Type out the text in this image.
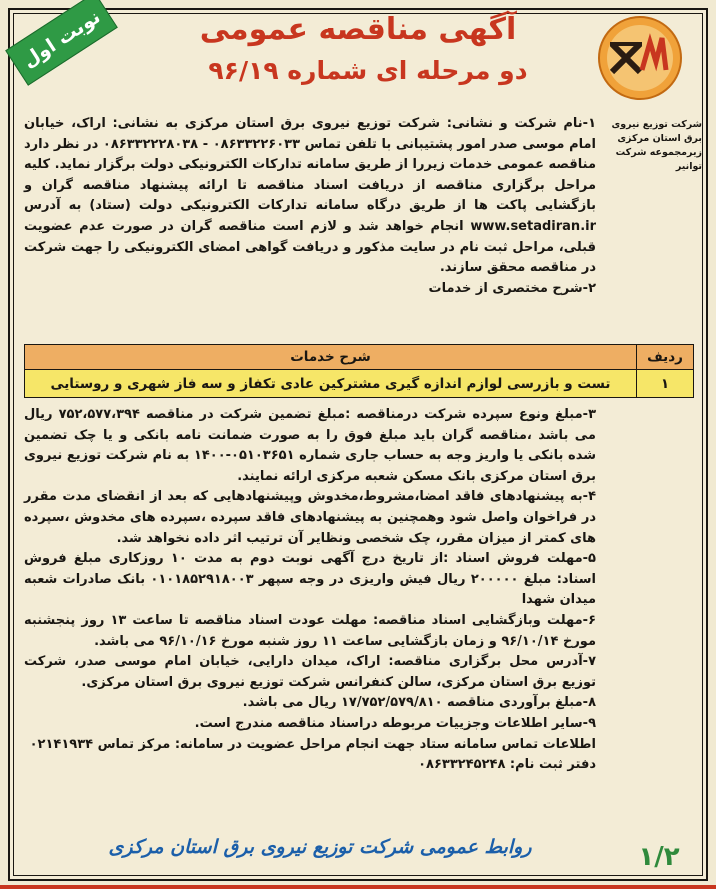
نوبت اول	آگهی مناقصه عمومی
دو مرحله ای شماره ۹۶/۱۹
شرکت توزیع نیروی برق استان مرکزی
زیرمجموعه شرکت توانیر
۱-نام شرکت و نشانی: شرکت توزیع نیروی برق استان مرکزی به نشانی: اراک، خیابان امام موسی صدر امور پشتیبانی با تلفن تماس ۰۸۶۳۳۲۲۶۰۳۳ - ۰۸۶۳۳۲۲۲۸۰۳۸ در نظر دارد مناقصه عمومی خدمات زیررا از طریق سامانه تدارکات الکترونیکی دولت برگزار نماید. کلیه مراحل برگزاری مناقصه از دریافت اسناد مناقصه تا ارائه پیشنهاد مناقصه گران و بازگشایی پاکت ها از طریق درگاه سامانه تدارکات الکترونیکی دولت (ستاد) به آدرس www.setadiran.ir انجام خواهد شد و لازم است مناقصه گران در صورت عدم عضویت قبلی، مراحل ثبت نام در سایت مذکور و دریافت گواهی امضای الکترونیکی را جهت شرکت در مناقصه محقق سازند.
۲-شرح مختصری از خدمات
ردیف
شرح خدمات
۱
تست و بازرسی لوازم اندازه گیری مشترکین عادی تکفاز و سه فاز شهری و روستایی
۳-مبلغ ونوع سپرده شرکت درمناقصه :مبلغ تضمین شرکت در مناقصه ۷۵۲،۵۷۷،۳۹۴ ریال می باشد ،مناقصه گران باید مبلغ فوق را به صورت ضمانت نامه بانکی و یا چک تضمین شده بانکی یا واریز وجه به حساب جاری شماره ۰۵۱۰۳۶۵۱-۱۴۰۰ به نام شرکت توزیع نیروی برق استان مرکزی بانک مسکن شعبه مرکزی ارائه نمایند.
۴-به پیشنهادهای فاقد امضا،مشروط،مخدوش وپیشنهادهایی که بعد از انقضای مدت مقرر در فراخوان واصل شود وهمچنین به پیشنهادهای فاقد سپرده ،سپرده های مخدوش ،سپرده های کمتر از میزان مقرر، چک شخصی ونظایر آن ترتیب اثر داده نخواهد شد.
۵-مهلت فروش اسناد :از تاریخ درج آگهی نوبت دوم به مدت ۱۰ روزکاری مبلغ فروش اسناد: مبلغ ۲۰۰۰۰۰ ریال فیش واریزی در وجه سپهر ۰۱۰۱۸۵۲۹۱۸۰۰۳ بانک صادرات شعبه میدان شهدا
۶-مهلت وبازگشایی اسناد مناقصه: مهلت عودت اسناد مناقصه تا ساعت ۱۳ روز پنجشنبه مورخ ۹۶/۱۰/۱۴ و زمان بازگشایی ساعت ۱۱ روز شنبه مورخ ۹۶/۱۰/۱۶ می باشد.
۷-آدرس محل برگزاری مناقصه: اراک، میدان دارایی، خیابان امام موسی صدر، شرکت توزیع برق استان مرکزی، سالن کنفرانس شرکت توزیع نیروی برق استان مرکزی.
۸-مبلغ برآوردی مناقصه ۱۷/۷۵۲/۵۷۹/۸۱۰ ریال می باشد.
۹-سایر اطلاعات وجزییات مربوطه دراسناد مناقصه مندرج است.
اطلاعات تماس سامانه ستاد جهت انجام مراحل عضویت در سامانه: مرکز تماس ۰۲۱۴۱۹۳۴
دفتر ثبت نام: ۰۸۶۳۳۲۴۵۲۴۸
روابط عمومی شرکت توزیع نیروی برق استان مرکزی	۱/۲
